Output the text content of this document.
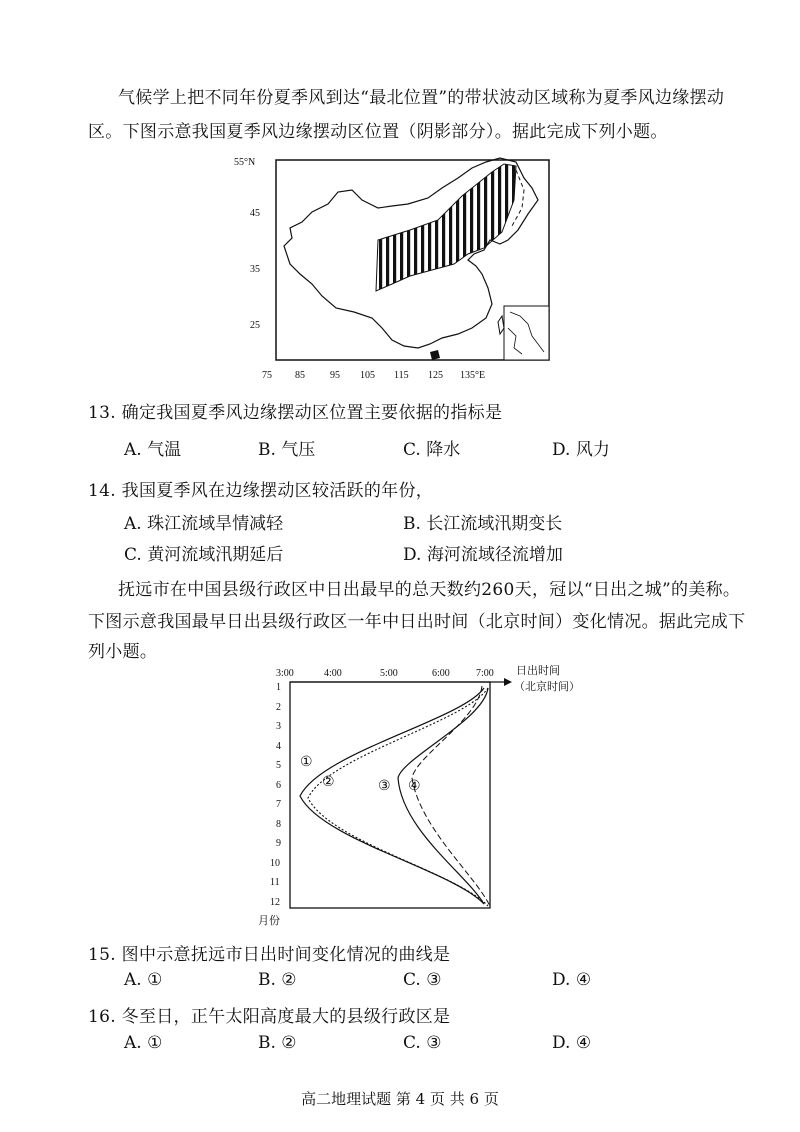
气候学上把不同年份夏季风到达“最北位置”的带状波动区域称为夏季风边缘摆动
区。下图示意我国夏季风边缘摆动区位置（阴影部分）。据此完成下列小题。
55°N
45
35
25
75 85	95 105 115 125 135°E
13. 确定我国夏季风边缘摆动区位置主要依据的指标是
A. 气温	B. 气压	C. 降水	D. 风力
14. 我国夏季风在边缘摆动区较活跃的年份，
A. 珠江流域旱情减轻	B. 长江流域汛期变长
C. 黄河流域汛期延后	D. 海河流域径流增加
抚远市在中国县级行政区中日出最早的总天数约260天，冠以“日出之城”的美称。
下图示意我国最早日出县级行政区一年中日出时间（北京时间）变化情况。据此完成下
列小题。
3:00	4:00	5:00	6:00	7:00 日出时间
（北京时间）
1
2
3
4
5
6
7
8
9
10
11
12
月份
①
②	③ ④
15. 图中示意抚远市日出时间变化情况的曲线是
A. ①	B. ②	C. ③	D. ④
16. 冬至日，正午太阳高度最大的县级行政区是
A. ①	B. ②	C. ③	D. ④
高二地理试题 第 4 页 共 6 页
